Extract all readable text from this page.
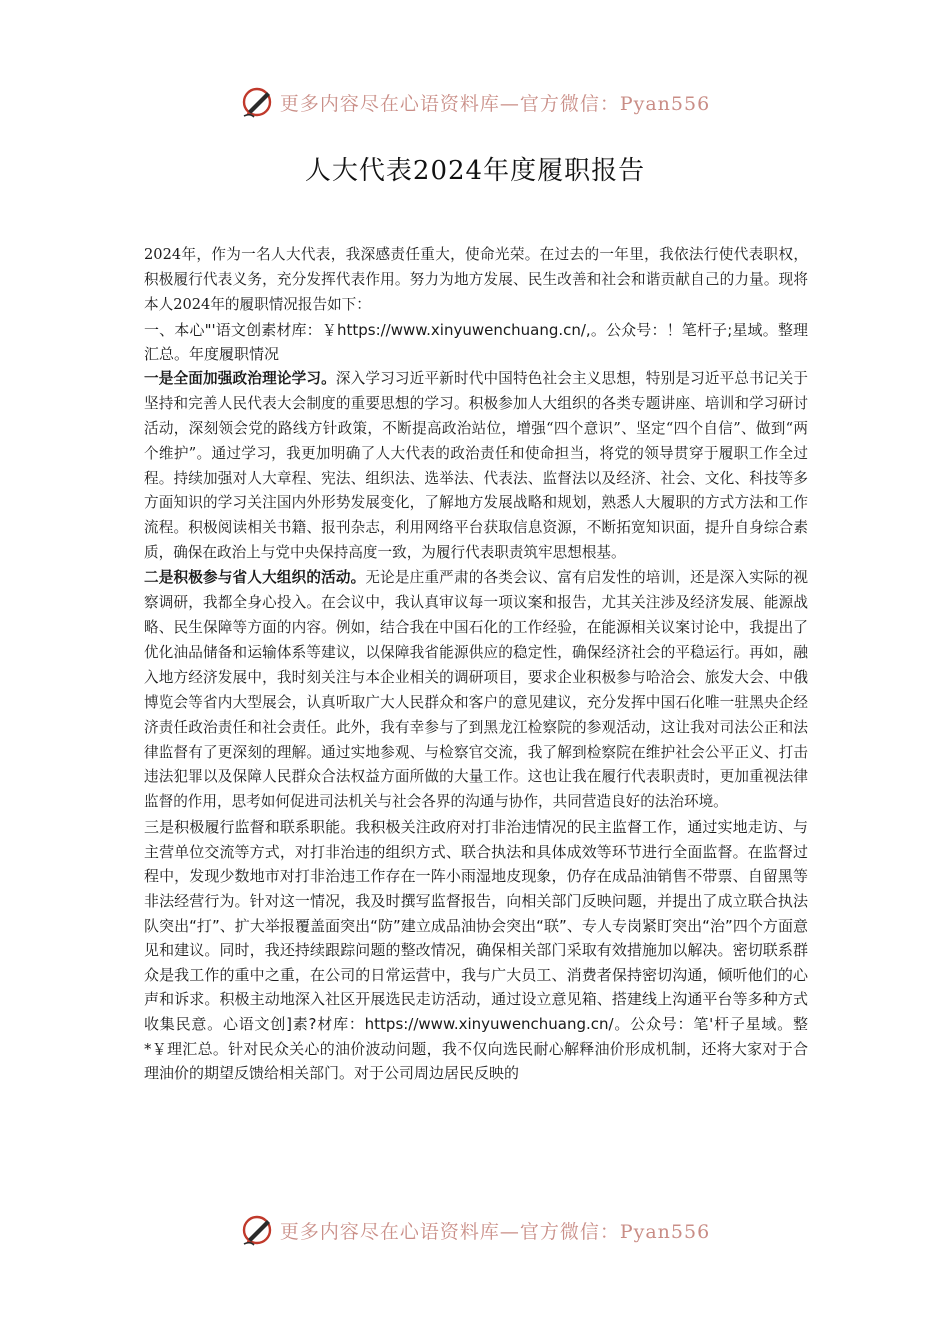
更多内容尽在心语资料库—官方微信：Pyan556
人大代表2024年度履职报告

2024年，作为一名人大代表，我深感责任重大，使命光荣。在过去的一年里，我依法行使代表职权，积极履行代表义务，充分发挥代表作用。努力为地方发展、民生改善和社会和谐贡献自己的力量。现将本人2024年的履职情况报告如下：

一、本心"'语文创素材库：￥https://www.xinyuwenchuang.cn/,。公众号：！笔杆子;星域。整理汇总。年度履职情况

一是全面加强政治理论学习。深入学习习近平新时代中国特色社会主义思想，特别是习近平总书记关于坚持和完善人民代表大会制度的重要思想的学习。积极参加人大组织的各类专题讲座、培训和学习研讨活动，深刻领会党的路线方针政策，不断提高政治站位，增强“四个意识”、坚定“四个自信”、做到“两个维护”。通过学习，我更加明确了人大代表的政治责任和使命担当，将党的领导贯穿于履职工作全过程。持续加强对人大章程、宪法、组织法、选举法、代表法、监督法以及经济、社会、文化、科技等多方面知识的学习关注国内外形势发展变化，了解地方发展战略和规划，熟悉人大履职的方式方法和工作流程。积极阅读相关书籍、报刊杂志，利用网络平台获取信息资源，不断拓宽知识面，提升自身综合素质，确保在政治上与党中央保持高度一致，为履行代表职责筑牢思想根基。

二是积极参与省人大组织的活动。无论是庄重严肃的各类会议、富有启发性的培训，还是深入实际的视察调研，我都全身心投入。在会议中，我认真审议每一项议案和报告，尤其关注涉及经济发展、能源战略、民生保障等方面的内容。例如，结合我在中国石化的工作经验，在能源相关议案讨论中，我提出了优化油品储备和运输体系等建议，以保障我省能源供应的稳定性，确保经济社会的平稳运行。再如，融入地方经济发展中，我时刻关注与本企业相关的调研项目，要求企业积极参与哈洽会、旅发大会、中俄博览会等省内大型展会，认真听取广大人民群众和客户的意见建议，充分发挥中国石化唯一驻黑央企经济责任政治责任和社会责任。此外，我有幸参与了到黑龙江检察院的参观活动，这让我对司法公正和法律监督有了更深刻的理解。通过实地参观、与检察官交流，我了解到检察院在维护社会公平正义、打击违法犯罪以及保障人民群众合法权益方面所做的大量工作。这也让我在履行代表职责时，更加重视法律监督的作用，思考如何促进司法机关与社会各界的沟通与协作，共同营造良好的法治环境。

三是积极履行监督和联系职能。我积极关注政府对打非治违情况的民主监督工作，通过实地走访、与主营单位交流等方式，对打非治违的组织方式、联合执法和具体成效等环节进行全面监督。在监督过程中，发现少数地市对打非治违工作存在一阵小雨湿地皮现象，仍存在成品油销售不带票、自留黑等非法经营行为。针对这一情况，我及时撰写监督报告，向相关部门反映问题，并提出了成立联合执法队突出“打”、扩大举报覆盖面突出“防”建立成品油协会突出“联”、专人专岗紧盯突出“治”四个方面意见和建议。同时，我还持续跟踪问题的整改情况，确保相关部门采取有效措施加以解决。密切联系群众是我工作的重中之重，在公司的日常运营中，我与广大员工、消费者保持密切沟通，倾听他们的心声和诉求。积极主动地深入社区开展选民走访活动，通过设立意见箱、搭建线上沟通平台等多种方式收集民意。心语文创]素?材库：https://www.xinyuwenchuang.cn/。公众号：笔'杆子星域。整*￥理汇总。针对民众关心的油价波动问题，我不仅向选民耐心解释油价形成机制，还将大家对于合理油价的期望反馈给相关部门。对于公司周边居民反映的

更多内容尽在心语资料库—官方微信：Pyan556
